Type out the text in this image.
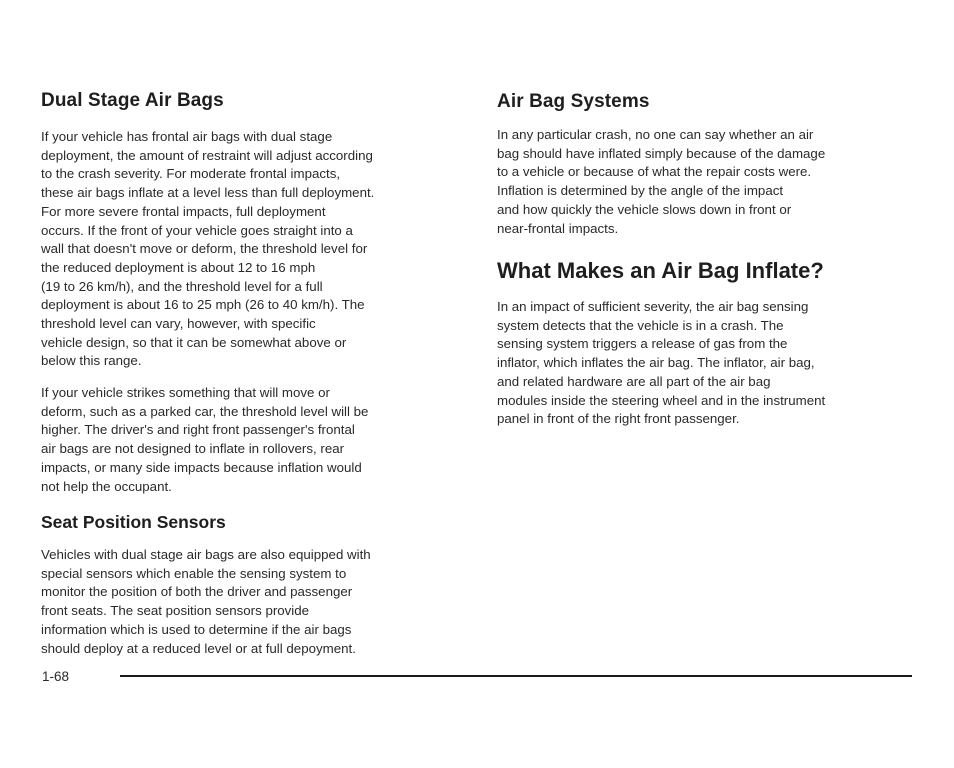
Dual Stage Air Bags

If your vehicle has frontal air bags with dual stage
deployment, the amount of restraint will adjust according
to the crash severity. For moderate frontal impacts,
these air bags inflate at a level less than full deployment.
For more severe frontal impacts, full deployment
occurs. If the front of your vehicle goes straight into a
wall that doesn't move or deform, the threshold level for
the reduced deployment is about 12 to 16 mph
(19 to 26 km/h), and the threshold level for a full
deployment is about 16 to 25 mph (26 to 40 km/h). The
threshold level can vary, however, with specific
vehicle design, so that it can be somewhat above or
below this range.

If your vehicle strikes something that will move or
deform, such as a parked car, the threshold level will be
higher. The driver's and right front passenger's frontal
air bags are not designed to inflate in rollovers, rear
impacts, or many side impacts because inflation would
not help the occupant.

Seat Position Sensors

Vehicles with dual stage air bags are also equipped with
special sensors which enable the sensing system to
monitor the position of both the driver and passenger
front seats. The seat position sensors provide
information which is used to determine if the air bags
should deploy at a reduced level or at full depoyment.

Air Bag Systems

In any particular crash, no one can say whether an air
bag should have inflated simply because of the damage
to a vehicle or because of what the repair costs were.
Inflation is determined by the angle of the impact
and how quickly the vehicle slows down in front or
near-frontal impacts.

What Makes an Air Bag Inflate?

In an impact of sufficient severity, the air bag sensing
system detects that the vehicle is in a crash. The
sensing system triggers a release of gas from the
inflator, which inflates the air bag. The inflator, air bag,
and related hardware are all part of the air bag
modules inside the steering wheel and in the instrument
panel in front of the right front passenger.

1-68
